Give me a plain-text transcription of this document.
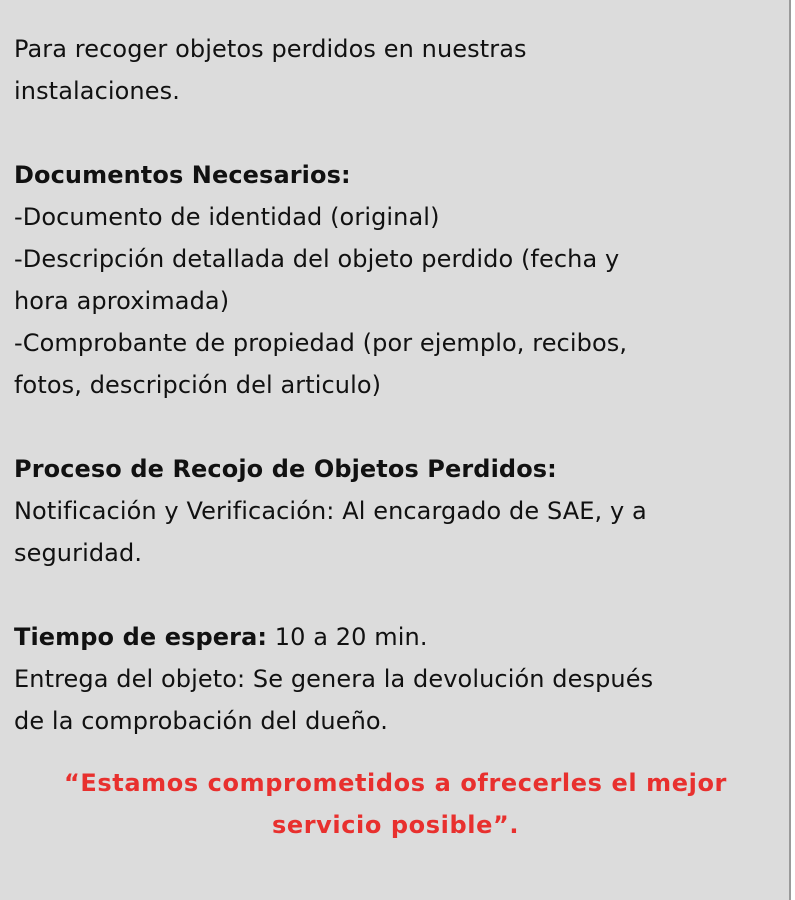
Para recoger objetos perdidos en nuestras
instalaciones.
Documentos Necesarios:
-Documento de identidad (original)
-Descripción detallada del objeto perdido (fecha y
hora aproximada)
-Comprobante de propiedad (por ejemplo, recibos,
fotos, descripción del articulo)
Proceso de Recojo de Objetos Perdidos:
Notificación y Verificación: Al encargado de SAE, y a
seguridad.
Tiempo de espera: 10 a 20 min.
Entrega del objeto: Se genera la devolución después
de la comprobación del dueño.
“Estamos comprometidos a ofrecerles el mejor
servicio posible”.
